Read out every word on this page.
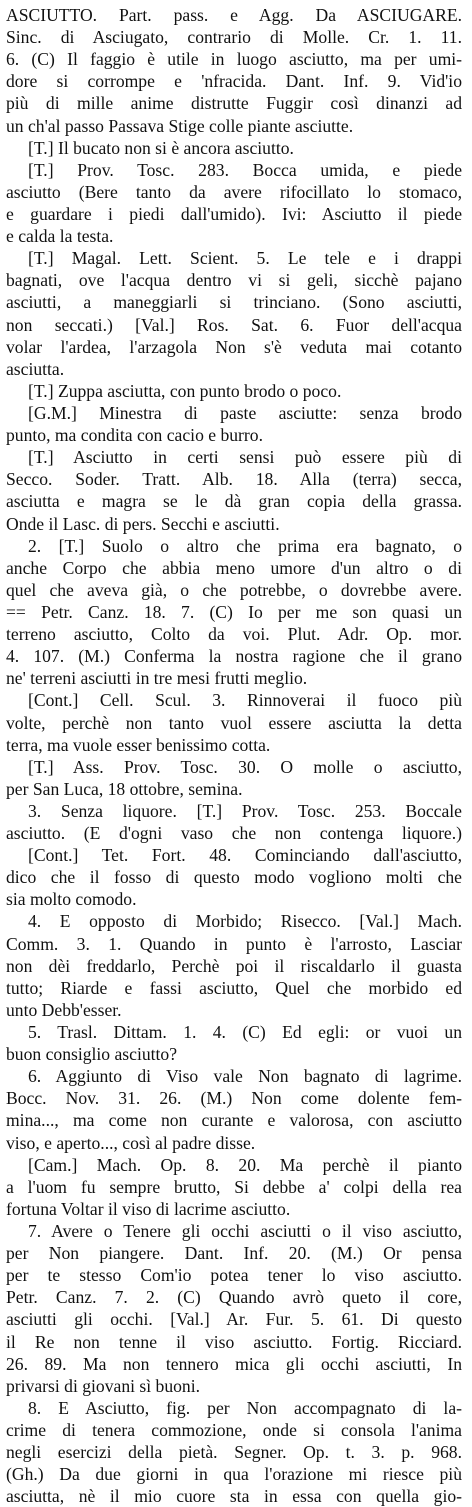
ASCIUTTO. Part. pass. e Agg. Da ASCIUGARE.
Sinc. di Asciugato, contrario di Molle. Cr. 1. 11.
6. (C) Il faggio è utile in luogo asciutto, ma per umi-
dore si corrompe e 'nfracida. Dant. Inf. 9. Vid'io
più di mille anime distrutte Fuggir così dinanzi ad
un ch'al passo Passava Stige colle piante asciutte.
[T.] Il bucato non si è ancora asciutto.
[T.] Prov. Tosc. 283. Bocca umida, e piede
asciutto (Bere tanto da avere rifocillato lo stomaco,
e guardare i piedi dall'umido). Ivi: Asciutto il piede
e calda la testa.
[T.] Magal. Lett. Scient. 5. Le tele e i drappi
bagnati, ove l'acqua dentro vi si geli, sicchè pajano
asciutti, a maneggiarli si trinciano. (Sono asciutti,
non seccati.) [Val.] Ros. Sat. 6. Fuor dell'acqua
volar l'ardea, l'arzagola Non s'è veduta mai cotanto
asciutta.
[T.] Zuppa asciutta, con punto brodo o poco.
[G.M.] Minestra di paste asciutte: senza brodo
punto, ma condita con cacio e burro.
[T.] Asciutto in certi sensi può essere più di
Secco. Soder. Tratt. Alb. 18. Alla (terra) secca,
asciutta e magra se le dà gran copia della grassa.
Onde il Lasc. di pers. Secchi e asciutti.
2. [T.] Suolo o altro che prima era bagnato, o
anche Corpo che abbia meno umore d'un altro o di
quel che aveva già, o che potrebbe, o dovrebbe avere.
== Petr. Canz. 18. 7. (C) Io per me son quasi un
terreno asciutto, Colto da voi. Plut. Adr. Op. mor.
4. 107. (M.) Conferma la nostra ragione che il grano
ne' terreni asciutti in tre mesi frutti meglio.
[Cont.] Cell. Scul. 3. Rinnoverai il fuoco più
volte, perchè non tanto vuol essere asciutta la detta
terra, ma vuole esser benissimo cotta.
[T.] Ass. Prov. Tosc. 30. O molle o asciutto,
per San Luca, 18 ottobre, semina.
3. Senza liquore. [T.] Prov. Tosc. 253. Boccale
asciutto. (E d'ogni vaso che non contenga liquore.)
[Cont.] Tet. Fort. 48. Cominciando dall'asciutto,
dico che il fosso di questo modo vogliono molti che
sia molto comodo.
4. E opposto di Morbido; Risecco. [Val.] Mach.
Comm. 3. 1. Quando in punto è l'arrosto, Lasciar
non dèi freddarlo, Perchè poi il riscaldarlo il guasta
tutto; Riarde e fassi asciutto, Quel che morbido ed
unto Debb'esser.
5. Trasl. Dittam. 1. 4. (C) Ed egli: or vuoi un
buon consiglio asciutto?
6. Aggiunto di Viso vale Non bagnato di lagrime.
Bocc. Nov. 31. 26. (M.) Non come dolente fem-
mina..., ma come non curante e valorosa, con asciutto
viso, e aperto..., così al padre disse.
[Cam.] Mach. Op. 8. 20. Ma perchè il pianto
a l'uom fu sempre brutto, Si debbe a' colpi della rea
fortuna Voltar il viso di lacrime asciutto.
7. Avere o Tenere gli occhi asciutti o il viso asciutto,
per Non piangere. Dant. Inf. 20. (M.) Or pensa
per te stesso Com'io potea tener lo viso asciutto.
Petr. Canz. 7. 2. (C) Quando avrò queto il core,
asciutti gli occhi. [Val.] Ar. Fur. 5. 61. Di questo
il Re non tenne il viso asciutto. Fortig. Ricciard.
26. 89. Ma non tennero mica gli occhi asciutti, In
privarsi di giovani sì buoni.
8. E Asciutto, fig. per Non accompagnato di la-
crime di tenera commozione, onde si consola l'anima
negli esercizi della pietà. Segner. Op. t. 3. p. 968.
(Gh.) Da due giorni in qua l'orazione mi riesce più
asciutta, nè il mio cuore sta in essa con quella gio-
